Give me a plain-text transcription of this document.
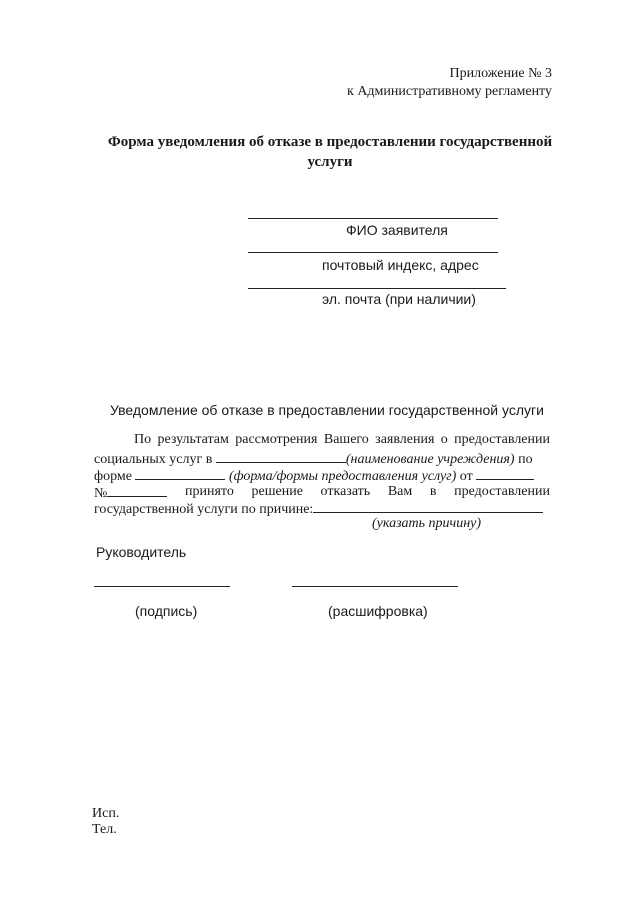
Приложение № 3
к Административному регламенту
Форма уведомления об отказе в предоставлении государственной
услуги
ФИО заявителя
почтовый индекс, адрес
эл. почта (при наличии)
Уведомление об отказе в предоставлении государственной услуги
По результатам рассмотрения Вашего заявления о предоставлении
социальных услуг в	(наименование учреждения) по
форме	(форма/формы предоставления услуг) от
№	принято решение отказать Вам в предоставлении
государственной услуги по причине:
(указать причину)
Руководитель
(подпись)	(расшифровка)
Исп.
Тел.
